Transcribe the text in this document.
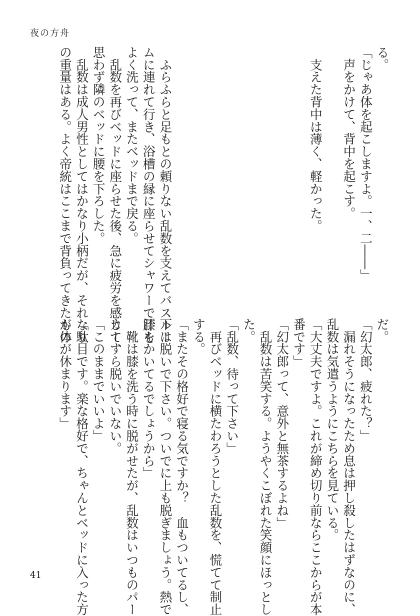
夜の方舟
る。
「じゃあ体を起こしますよ。一、二――」
　声をかけて、背中を起こす。
　支えた背中は薄く、軽かった。
　ふらふらと足もとの頼りない乱数を支えてバスルー
ムに連れて行き、浴槽の縁に座らせてシャワーで膝を
よく洗って、またベッドまで戻る。
　乱数を再びベッドに座らせた後、急に疲労を感じて、
思わず隣のベッドに腰を下ろした。
　乱数は成人男性としてはかなり小柄だが、それなり
の重量はある。よく帝統はここまで背負ってきたもの	だ。
「幻太郎、疲れた？」
　漏れそうになったため息は押し殺したはずなのに、
乱数は気遣うようにこちらを見ている。
「大丈夫ですよ。これが締め切り前ならここからが本
番です」
「幻太郎って、意外と無茶するよね」
　乱数は苦笑する。ようやくこぼれた笑顔にほっとし
た。
「乱数、待って下さい」
　再びベッドに横たわろうとした乱数を、慌てて制止
する。
「またその格好で寝る気ですか？　血もついてるし、
下は脱いで下さい。ついでに上も脱ぎましょう。熱で
汗もかいてるでしょうから」
　靴は膝を洗う時に脱がせたが、乱数はいつものパー
カーすら脱いでいない。
「このままでいいよ」
「駄目です。楽な格好で、ちゃんとベッドに入った方
が体が休まります」
41
